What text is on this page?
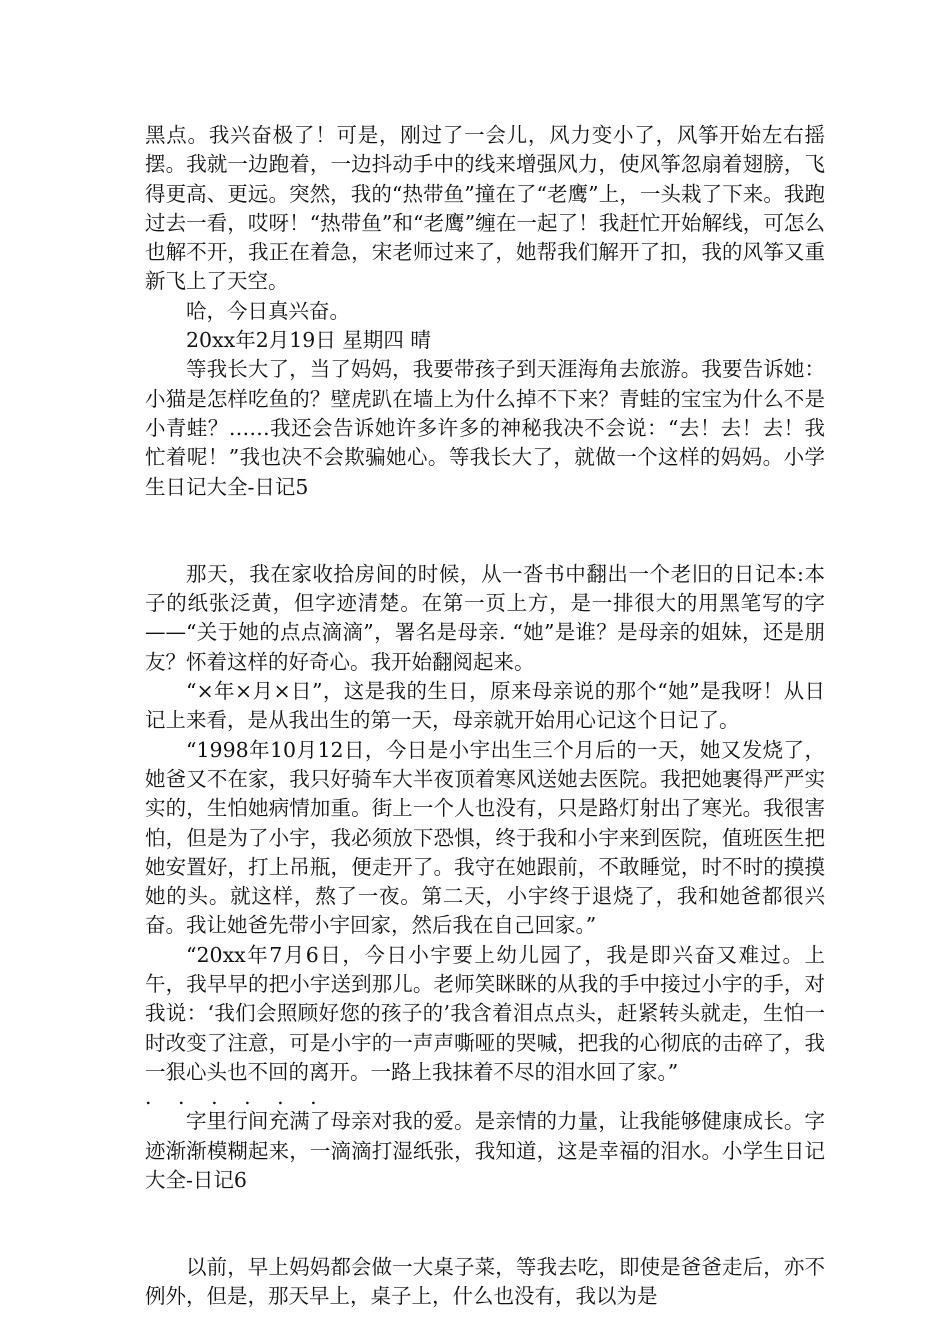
黑点。我兴奋极了！可是，刚过了一会儿，风力变小了，风筝开始左右摇摆。我就一边跑着，一边抖动手中的线来增强风力，使风筝忽扇着翅膀，飞得更高、更远。突然，我的“热带鱼”撞在了“老鹰”上，一头栽了下来。我跑过去一看，哎呀！“热带鱼”和“老鹰”缠在一起了！我赶忙开始解线，可怎么也解不开，我正在着急，宋老师过来了，她帮我们解开了扣，我的风筝又重新飞上了天空。

哈，今日真兴奋。

20xx年2月19日 星期四 晴

等我长大了，当了妈妈，我要带孩子到天涯海角去旅游。我要告诉她：小猫是怎样吃鱼的？壁虎趴在墙上为什么掉不下来？青蛙的宝宝为什么不是小青蛙？……我还会告诉她许多许多的神秘我决不会说：“去！去！去！我忙着呢！”我也决不会欺骗她心。等我长大了，就做一个这样的妈妈。小学生日记大全-日记5

那天，我在家收拾房间的时候，从一沓书中翻出一个老旧的日记本:本子的纸张泛黄，但字迹清楚。在第一页上方，是一排很大的用黑笔写的字——“关于她的点点滴滴”，署名是母亲. “她”是谁？是母亲的姐妹，还是朋友？怀着这样的好奇心。我开始翻阅起来。

“×年×月×日”，这是我的生日，原来母亲说的那个“她”是我呀！从日记上来看，是从我出生的第一天，母亲就开始用心记这个日记了。

“1998年10月12日，今日是小宇出生三个月后的一天，她又发烧了，她爸又不在家，我只好骑车大半夜顶着寒风送她去医院。我把她裹得严严实实的，生怕她病情加重。街上一个人也没有，只是路灯射出了寒光。我很害怕，但是为了小宇，我必须放下恐惧，终于我和小宇来到医院，值班医生把她安置好，打上吊瓶，便走开了。我守在她跟前，不敢睡觉，时不时的摸摸她的头。就这样，熬了一夜。第二天，小宇终于退烧了，我和她爸都很兴奋。我让她爸先带小宇回家，然后我在自己回家。”

“20xx年7月6日，今日小宇要上幼儿园了，我是即兴奋又难过。上午，我早早的把小宇送到那儿。老师笑眯眯的从我的手中接过小宇的手，对我说：‘我们会照顾好您的孩子的’我含着泪点点头，赶紧转头就走，生怕一时改变了注意，可是小宇的一声声嘶哑的哭喊，把我的心彻底的击碎了，我一狠心头也不回的离开。一路上我抹着不尽的泪水回了家。”

. . . . . .

字里行间充满了母亲对我的爱。是亲情的力量，让我能够健康成长。字迹渐渐模糊起来，一滴滴打湿纸张，我知道，这是幸福的泪水。小学生日记大全-日记6

以前，早上妈妈都会做一大桌子菜，等我去吃，即使是爸爸走后，亦不例外，但是，那天早上，桌子上，什么也没有，我以为是
